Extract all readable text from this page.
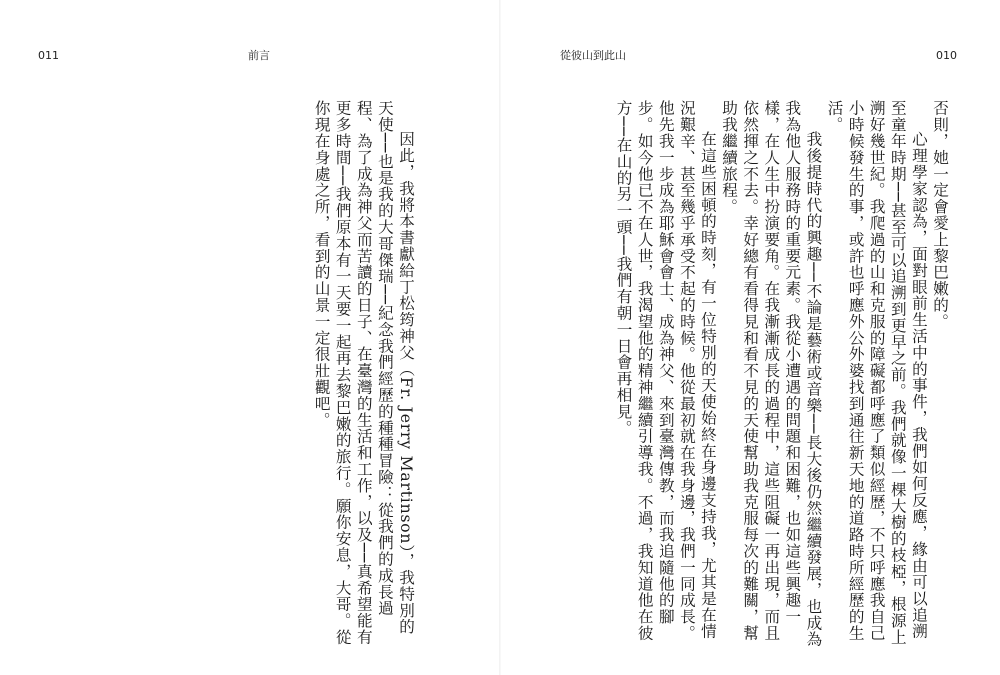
011	前言

因此，我將本書獻給丁松筠神父（Fr. Jerry Martinson），我特別的天使──也是我的大哥傑瑞──紀念我們經歷的種種冒險：從我們的成長過程、為了成為神父而苦讀的日子、在臺灣的生活和工作，以及──真希望能有更多時間──我們原本有一天要一起再去黎巴嫩的旅行。願你安息，大哥。從你現在身處之所，看到的山景一定很壯觀吧。

從彼山到此山	010

否則，她一定會愛上黎巴嫩的。

心理學家認為，面對眼前生活中的事件，我們如何反應，緣由可以追溯至童年時期──甚至可以追溯到更早之前。我們就像一棵大樹的枝椏，根源上溯好幾世紀。我爬過的山和克服的障礙都呼應了類似經歷，不只呼應我自己小時候發生的事，或許也呼應外公外婆找到通往新天地的道路時所經歷的生活。

我後提時代的興趣──不論是藝術或音樂──長大後仍然繼續發展，也成為我為他人服務時的重要元素。我從小遭遇的問題和困難，也如這些興趣一樣，在人生中扮演要角。在我漸漸成長的過程中，這些阻礙一再出現，而且依然揮之不去。幸好總有看得見和看不見的天使幫助我克服每次的難關，幫助我繼續旅程。

在這些困頓的時刻，有一位特別的天使始終在身邊支持我，尤其是在情況艱辛、甚至幾乎承受不起的時候。他從最初就在我身邊，我們一同成長。他先我一步成為耶穌會會士、成為神父、來到臺灣傳教，而我追隨他的腳步。如今他已不在人世，我渴望他的精神繼續引導我。不過，我知道他在彼方──在山的另一頭──我們有朝一日會再相見。
